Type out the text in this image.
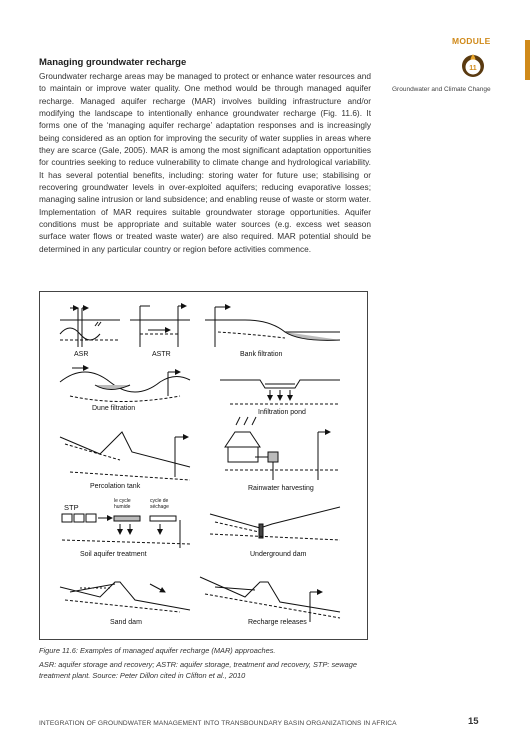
MODULE
11
Groundwater and Climate Change
Managing groundwater recharge

Groundwater recharge areas may be managed to protect or enhance water resources and to maintain or improve water quality. One method would be through managed aquifer recharge. Managed aquifer recharge (MAR) involves building infrastructure and/or modifying the landscape to intentionally enhance groundwater recharge (Fig. 11.6). It forms one of the ‘managing aquifer recharge’ adaptation responses and is increasingly being considered as an option for improving the security of water supplies in areas where they are scarce (Gale, 2005). MAR is among the most significant adaptation opportunities for countries seeking to reduce vulnerability to climate change and hydrological variability. It has several potential benefits, including: storing water for future use; stabilising or recovering groundwater levels in over-exploited aquifers; reducing evaporative losses; managing saline intrusion or land subsidence; and enabling reuse of waste or storm water. Implementation of MAR requires suitable groundwater storage opportunities. Aquifer conditions must be appropriate and suitable water sources (e.g. excess wet season surface water flows or treated waste water) are also required. MAR potential should be determined in any particular country or region before activities commence.

ASR	ASTR	Bank filtration
Dune filtration
Infiltration pond
Percolation tank	Rainwater harvesting
STP
le cycle
humide
cycle de
séchage
Soil aquifer treatment	Underground dam
Sand dam	Recharge releases
Figure 11.6: Examples of managed aquifer recharge (MAR) approaches.

ASR: aquifer storage and recovery; ASTR: aquifer storage, treatment and recovery, STP: sewage treatment plant. Source: Peter Dillon cited in Clifton et al., 2010

INTEGRATION OF GROUNDWATER MANAGEMENT INTO TRANSBOUNDARY BASIN ORGANIZATIONS IN AFRICA	15
